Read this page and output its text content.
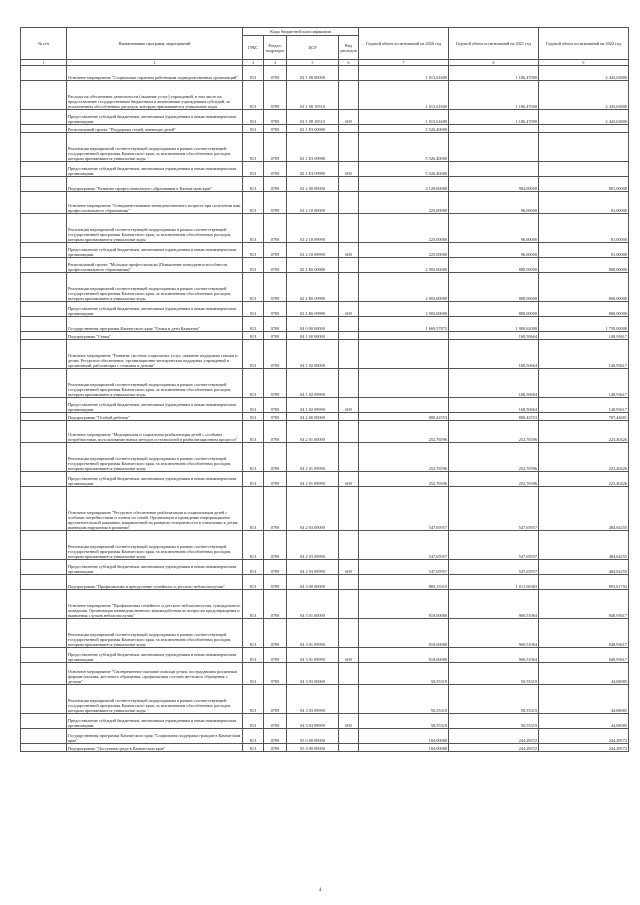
№ п/п	Наименование программ, мероприятий	Коды бюджетной классификации				Годовой объем ассигнований на 2020 год	Годовой объем ассигнований на 2021 год	Годовой объем ассигнований на 2022 год
		ГРБС	Раздел, подраздел	ЦСР	Вид расходов			
1	2	3	4	5	6	7	8	9
	Основное мероприятие "Социальные гарантии работникам подведомственных организаций"	813	0709	02 1 08 00000		1 013,61600	1 186,47000	2 443,63800
	Расходы на обеспечение деятельности (оказание услуг) учреждений, в том числе на предоставление государственным бюджетным и автономным учреждениям субсидий, за исключением обособленных расходов, которым присваиваются уникальные коды	813	0709	02 1 08 10510		1 013,61600	1 186,47000	2 443,63800
	Предоставление субсидий бюджетным, автономным учреждениям и иным некоммерческим организациям	813	0709	02 1 08 10510	600	1 013,61600	1 186,47000	2 443,63800
	Региональный проект "Поддержка семей, имеющих детей"	813	0709	02 1 E3 00000		5 526,40000		
	Реализация мероприятий соответствующей подпрограммы в рамках соответствующей государственной программы Камчатского края, за исключением обособленных расходов, которым присваиваются уникальные коды	813	0709	02 1 E3 09990		5 526,40000		
	Предоставление субсидий бюджетным, автономным учреждениям и иным некоммерческим организациям	813	0709	02 1 E3 09990	600	5 526,40000		
	Подпрограмма "Развитие профессионального образования в Камчатском крае"	813	0709	02 2 00 00000		3 128,60000	984,00000	881,00000
	Основное мероприятие "Совершенствование вневедомственного возраста при получении ими профессионального образования"	813	0709	02 2 10 00000		225,00000	96,00000	81,00000
	Реализация мероприятий соответствующей подпрограммы в рамках соответствующей государственной программы Камчатского края, за исключением обособленных расходов, которым присваиваются уникальные коды	813	0709	02 2 10 09990		225,00000	96,00000	81,00000
	Предоставление субсидий бюджетным, автономным учреждениям и иным некоммерческим организациям	813	0709	02 2 10 09990	600	225,00000	96,00000	81,00000
	Региональный проект "Молодые профессионалы (Повышение конкурентоспособности профессионального образования)"	813	0709	02 2 E6 00000		2 903,60000	888,00000	800,00000
	Реализация мероприятий соответствующей подпрограммы в рамках соответствующей государственной программы Камчатского края, за исключением обособленных расходов, которым присваиваются уникальные коды	813	0709	02 2 E6 09990		2 903,60000	888,00000	800,00000
	Предоставление субсидий бюджетным, автономным учреждениям и иным некоммерческим организациям	813	0709	02 2 E6 09990	600	2 903,60000	888,00000	800,00000
	Государственная программа Камчатского края "Семья и дети Камчатки"	813	0709	04 0 00 00000		1 669,57872	1 980,62000	1 750,00000
	Подпрограмма "Семья"	813	0709	04 1 00 00000			168,50664	148,93617
	Основное мероприятие "Развитие системы социальных услуг, оказание поддержки семьям и детям. Ресурсное обеспечение, организационно-методическая поддержка учреждений и организаций, работающих с семьями и детьми"	813	0709	04 1 02 00000			168,50664	148,93617
	Реализация мероприятий соответствующей подпрограммы в рамках соответствующей государственной программы Камчатского края, за исключением обособленных расходов, которым присваиваются уникальные коды	813	0709	04 1 02 09990			168,50664	148,93617
	Предоставление субсидий бюджетным, автономным учреждениям и иным некоммерческим организациям	813	0709	04 1 02 09990	600		168,50664	148,93617
	Подпрограмма "Особый ребенок"	813	0709	04 2 00 00000		800,42553	800,42553	707,44681
	Основное мероприятие "Медицинская и социальная реабилитация детей с особыми потребностями, использование новых методов и технологий в реабилитационном процессе"	813	0709	04 2 01 00000		252,76596	252,76596	223,40426
	Реализация мероприятий соответствующей подпрограммы в рамках соответствующей государственной программы Камчатского края, за исключением обособленных расходов, которым присваиваются уникальные коды	813	0709	04 2 01 09990		252,76596	252,76596	223,40426
	Предоставление субсидий бюджетным, автономным учреждениям и иным некоммерческим организациям	813	0709	04 2 01 09990	600	252,76596	252,76596	223,40426
	Основное мероприятие "Ресурсное обеспечение реабилитации и социализации детей с особыми потребностями и членов их семей. Организация и проведение информационно-просветительской кампании, направленной на развитие толерантности в отношении к детям, имеющим нарушения в развитии"	813	0709	04 2 03 00000		547,65957	547,65957	484,04255
	Реализация мероприятий соответствующей подпрограммы в рамках соответствующей государственной программы Камчатского края, за исключением обособленных расходов, которым присваиваются уникальные коды	813	0709	04 2 03 09990		547,65957	547,65957	484,04255
	Предоставление субсидий бюджетным, автономным учреждениям и иным некоммерческим организациям	813	0709	04 2 03 09990	600	547,65957	547,65957	484,04255
	Подпрограмма "Профилактика и преодоление семейного и детского неблагополучия"	813	0709	04 3 00 00000		869,15319	1 011,06383	893,61702
	Основное мероприятие "Профилактика семейного и детского неблагополучия, суицидального поведения. Организация межведомственного взаимодействия по вопросам предотвращения и выявления случаев неблагополучия"	813	0709	04 3 01 00000		818,60000	960,51064	848,93617
	Реализация мероприятий соответствующей подпрограммы в рамках соответствующей государственной программы Камчатского края, за исключением обособленных расходов, которым присваиваются уникальные коды	813	0709	04 3 01 09990		818,60000	960,51064	848,93617
	Предоставление субсидий бюджетным, автономным учреждениям и иным некоммерческим организациям	813	0709	04 3 01 09990	600	818,60000	960,51064	848,93617
	Основное мероприятие "Своевременное оказание помощи детям, пострадавшим различным формам насилия, жестокого обращения, профилактика случаев жестокого обращения с детьми"	813	0709	04 3 03 00000		50,55319	50,55319	44,68085
	Реализация мероприятий соответствующей подпрограммы в рамках соответствующей государственной программы Камчатского края, за исключением обособленных расходов, которым присваиваются уникальные коды	813	0709	04 3 03 09990		50,55319	50,55319	44,68085
	Предоставление субсидий бюджетным, автономным учреждениям и иным некоммерческим организациям	813	0709	04 3 03 09990	600	50,55319	50,55319	44,68085
	Государственная программа Камчатского края "Социальная поддержка граждан в Камчатском крае"	813	0709	05 0 00 00000		184,00000	244,28572	244,28572
	Подпрограмма "Доступная среда в Камчатском крае"	813	0709	05 3 00 00000		184,00000	244,28572	244,28572
4
